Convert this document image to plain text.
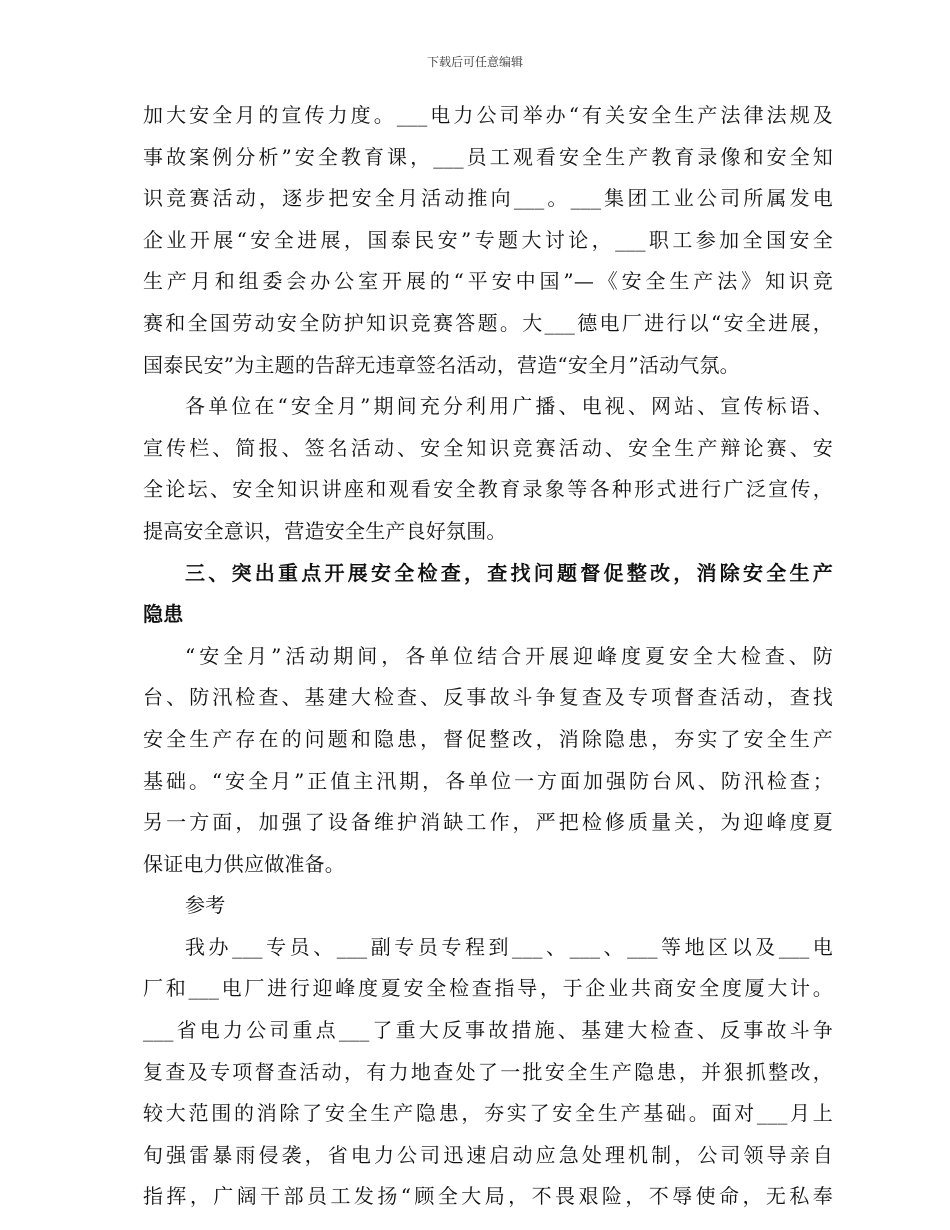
下载后可任意编辑
加大安全月的宣传力度。___电力公司举办“有关安全生产法律法规及
事故案例分析”安全教育课，___员工观看安全生产教育录像和安全知
识竞赛活动，逐步把安全月活动推向___。___集团工业公司所属发电
企业开展“安全进展，国泰民安”专题大讨论，___职工参加全国安全
生产月和组委会办公室开展的“平安中国”—《安全生产法》知识竞
赛和全国劳动安全防护知识竞赛答题。大___德电厂进行以“安全进展，
国泰民安”为主题的告辞无违章签名活动，营造“安全月”活动气氛。
各单位在“安全月”期间充分利用广播、电视、网站、宣传标语、
宣传栏、简报、签名活动、安全知识竞赛活动、安全生产辩论赛、安
全论坛、安全知识讲座和观看安全教育录象等各种形式进行广泛宣传，
提高安全意识，营造安全生产良好氛围。
三、突出重点开展安全检查，查找问题督促整改，消除安全生产
隐患
“安全月”活动期间，各单位结合开展迎峰度夏安全大检查、防
台、防汛检查、基建大检查、反事故斗争复查及专项督查活动，查找
安全生产存在的问题和隐患，督促整改，消除隐患，夯实了安全生产
基础。“安全月”正值主汛期，各单位一方面加强防台风、防汛检查；
另一方面，加强了设备维护消缺工作，严把检修质量关，为迎峰度夏
保证电力供应做准备。
参考
我办___专员、___副专员专程到___、___、___等地区以及___电
厂和___电厂进行迎峰度夏安全检查指导，于企业共商安全度厦大计。
___省电力公司重点___了重大反事故措施、基建大检查、反事故斗争
复查及专项督查活动，有力地查处了一批安全生产隐患，并狠抓整改，
较大范围的消除了安全生产隐患，夯实了安全生产基础。面对___月上
旬强雷暴雨侵袭，省电力公司迅速启动应急处理机制，公司领导亲自
指挥，广阔干部员工发扬“顾全大局，不畏艰险，不辱使命，无私奉
